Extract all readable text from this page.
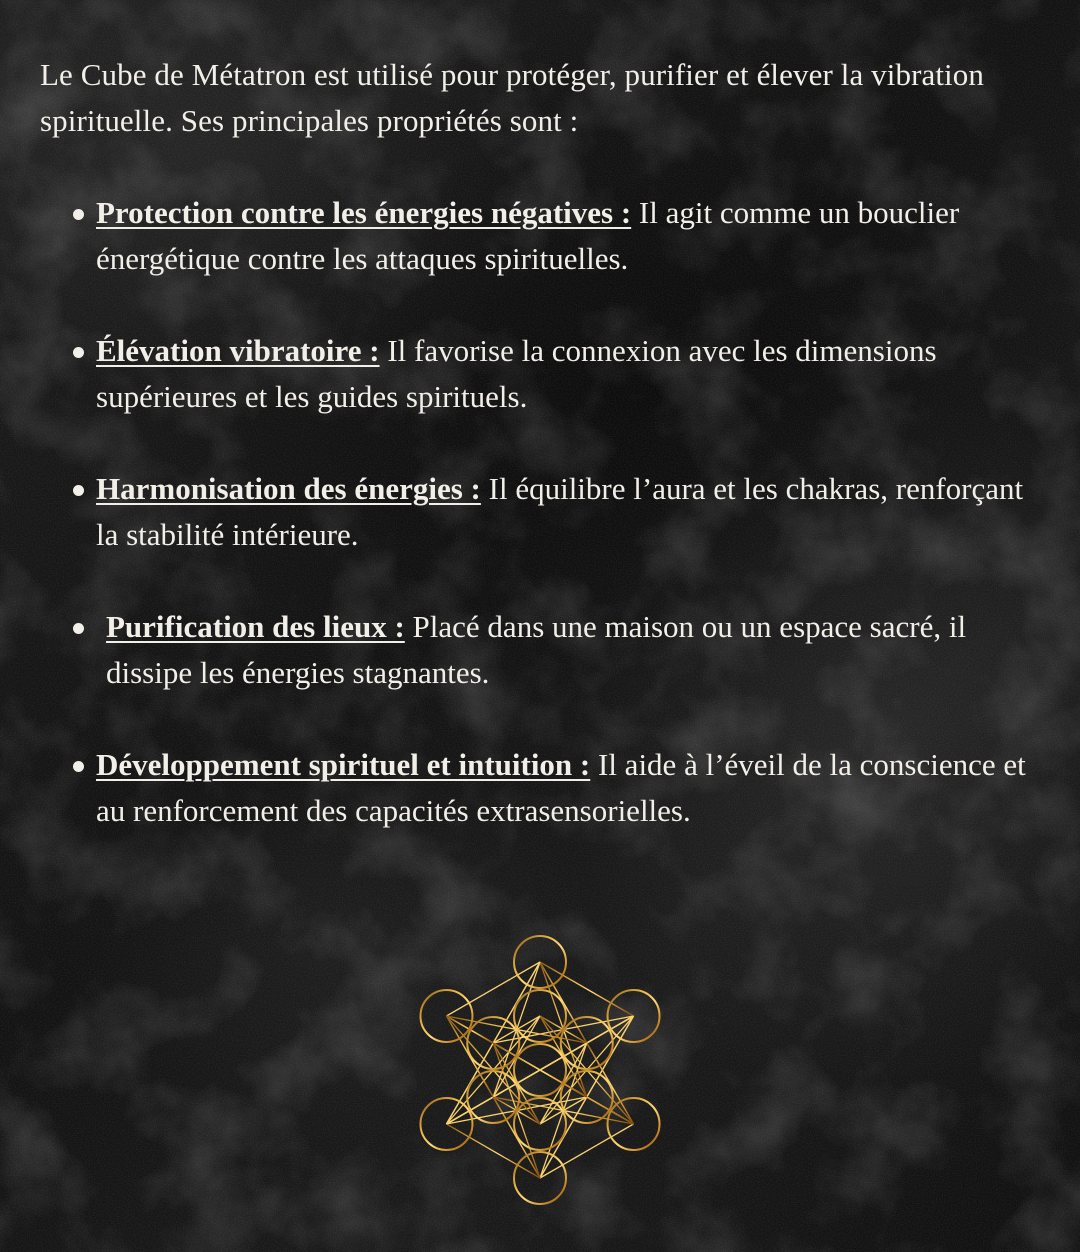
Le Cube de Métatron est utilisé pour protéger, purifier et élever la vibration spirituelle. Ses principales propriétés sont :

Protection contre les énergies négatives : Il agit comme un bouclier énergétique contre les attaques spirituelles.
Élévation vibratoire : Il favorise la connexion avec les dimensions supérieures et les guides spirituels.
Harmonisation des énergies : Il équilibre l’aura et les chakras, renforçant la stabilité intérieure.
Purification des lieux : Placé dans une maison ou un espace sacré, il dissipe les énergies stagnantes.
Développement spirituel et intuition : Il aide à l’éveil de la conscience et au renforcement des capacités extrasensorielles.
